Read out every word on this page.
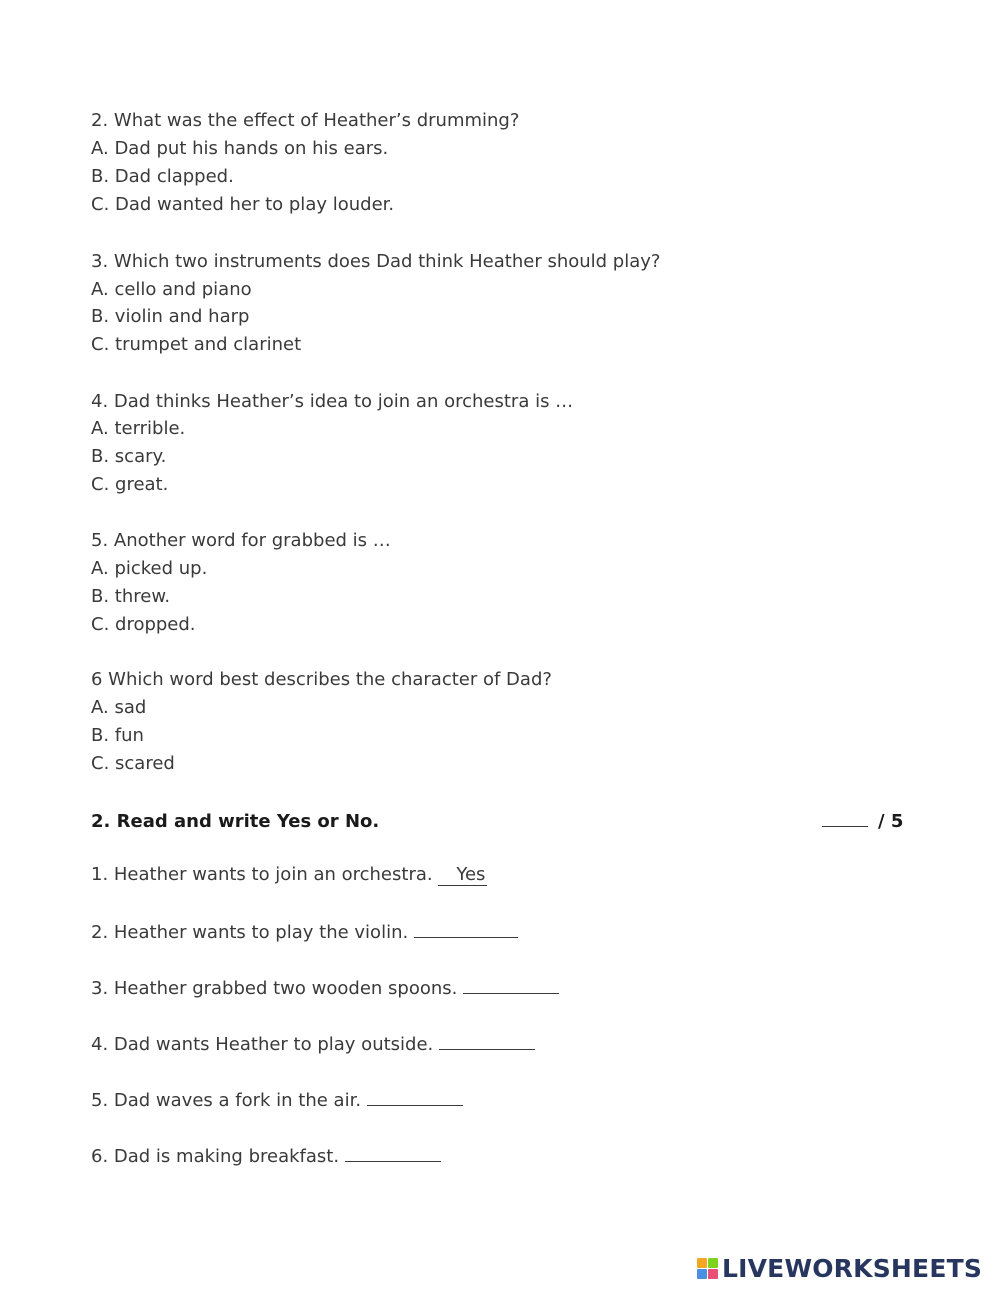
2. What was the effect of Heather’s drumming?
A. Dad put his hands on his ears.
B. Dad clapped.
C. Dad wanted her to play louder.
3. Which two instruments does Dad think Heather should play?
A. cello and piano
B. violin and harp
C. trumpet and clarinet
4. Dad thinks Heather’s idea to join an orchestra is …
A. terrible.
B. scary.
C. great.
5. Another word for grabbed is …
A. picked up.
B. threw.
C. dropped.
6 Which word best describes the character of Dad?
A. sad
B. fun
C. scared
2. Read and write Yes or No.	/ 5
1. Heather wants to join an orchestra. Yes
2. Heather wants to play the violin.
3. Heather grabbed two wooden spoons.
4. Dad wants Heather to play outside.
5. Dad waves a fork in the air.
6. Dad is making breakfast.
LIVEWORKSHEETS
